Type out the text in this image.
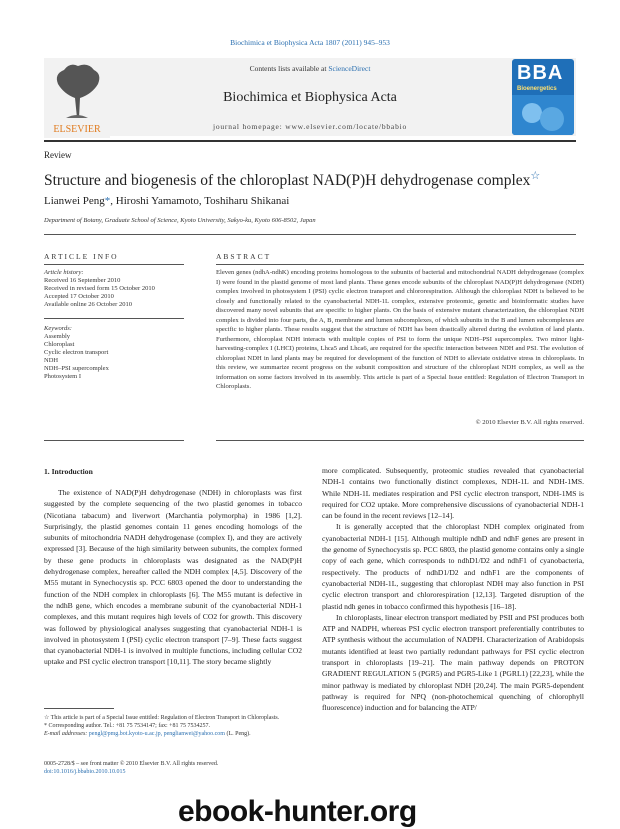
Biochimica et Biophysica Acta 1807 (2011) 945–953
ELSEVIER
Contents lists available at ScienceDirect
Biochimica et Biophysica Acta
journal homepage: www.elsevier.com/locate/bbabio
BBA
Bioenergetics
Review
Structure and biogenesis of the chloroplast NAD(P)H dehydrogenase complex☆
Lianwei Peng*, Hiroshi Yamamoto, Toshiharu Shikanai
Department of Botany, Graduate School of Science, Kyoto University, Sakyo-ku, Kyoto 606-8502, Japan
ARTICLE INFO
Article history:
Received 16 September 2010
Received in revised form 15 October 2010
Accepted 17 October 2010
Available online 26 October 2010
Keywords:
Assembly
Chloroplast
Cyclic electron transport
NDH
NDH–PSI supercomplex
Photosystem I
ABSTRACT
Eleven genes (ndhA-ndhK) encoding proteins homologous to the subunits of bacterial and mitochondrial NADH dehydrogenase (complex I) were found in the plastid genome of most land plants. These genes encode subunits of the chloroplast NAD(P)H dehydrogenase (NDH) complex involved in photosystem I (PSI) cyclic electron transport and chlororespiration. Although the chloroplast NDH is believed to be closely and functionally related to the cyanobacterial NDH-1L complex, extensive proteomic, genetic and bioinformatic studies have discovered many novel subunits that are specific to higher plants. On the basis of extensive mutant characterization, the chloroplast NDH complex is divided into four parts, the A, B, membrane and lumen subcomplexes, of which subunits in the B and lumen subcomplexes are specific to higher plants. These results suggest that the structure of NDH has been drastically altered during the evolution of land plants. Furthermore, chloroplast NDH interacts with multiple copies of PSI to form the unique NDH–PSI supercomplex. Two minor light-harvesting-complex I (LHCI) proteins, Lhca5 and Lhca6, are required for the specific interaction between NDH and PSI. The evolution of chloroplast NDH in land plants may be required for development of the function of NDH to alleviate oxidative stress in chloroplasts. In this review, we summarize recent progress on the subunit composition and structure of the chloroplast NDH complex, as well as the information on some factors involved in its assembly. This article is part of a Special Issue entitled: Regulation of Electron Transport in Chloroplasts.
© 2010 Elsevier B.V. All rights reserved.
1. Introduction

The existence of NAD(P)H dehydrogenase (NDH) in chloroplasts was first suggested by the complete sequencing of the two plastid genomes in tobacco (Nicotiana tabacum) and liverwort (Marchantia polymorpha) in 1986 [1,2]. Surprisingly, the plastid genomes contain 11 genes encoding homologs of the subunits of mitochondria NADH dehydrogenase (complex I), and they are actively expressed [3]. Because of the high similarity between subunits, the complex formed by these gene products in chloroplasts was designated as the NAD(P)H dehydrogenase complex, hereafter called the NDH complex [4,5]. Discovery of the M55 mutant in Synechocystis sp. PCC 6803 opened the door to understanding the function of the NDH complex in chloroplasts [6]. The M55 mutant is defective in the ndhB gene, which encodes a membrane subunit of the cyanobacterial NDH-1 complexes, and this mutant requires high levels of CO2 for growth. This discovery was followed by physiological analyses suggesting that cyanobacterial NDH-1 is involved in photosystem I (PSI) cyclic electron transport [7–9]. These facts suggest that cyanobacterial NDH-1 is involved in multiple functions, including cellular CO2 uptake and PSI cyclic electron transport [10,11]. The story became slightly

more complicated. Subsequently, proteomic studies revealed that cyanobacterial NDH-1 contains two functionally distinct complexes, NDH-1L and NDH-1MS. While NDH-1L mediates respiration and PSI cyclic electron transport, NDH-1MS is required for CO2 uptake. More comprehensive discussions of cyanobacterial NDH-1 can be found in the recent reviews [12–14].

It is generally accepted that the chloroplast NDH complex originated from cyanobacterial NDH-1 [15]. Although multiple ndhD and ndhF genes are present in the genome of Synechocystis sp. PCC 6803, the plastid genome contains only a single copy of each gene, which corresponds to ndhD1/D2 and ndhF1 of cyanobacteria, respectively. The products of ndhD1/D2 and ndhF1 are the components of cyanobacterial NDH-1L, suggesting that chloroplast NDH may also function in PSI cyclic electron transport and chlororespiration [12,13]. Targeted disruption of the plastid ndh genes in tobacco confirmed this hypothesis [16–18].

In chloroplasts, linear electron transport mediated by PSII and PSI produces both ATP and NADPH, whereas PSI cyclic electron transport preferentially contributes to ATP synthesis without the accumulation of NADPH. Characterization of Arabidopsis mutants identified at least two partially redundant pathways for PSI cyclic electron transport in chloroplasts [19–21]. The main pathway depends on PROTON GRADIENT REGULATION 5 (PGR5) and PGR5-Like 1 (PGRL1) [22,23], while the minor pathway is mediated by chloroplast NDH [20,24]. The main PGR5-dependent pathway is required for NPQ (non-photochemical quenching of chlorophyll fluorescence) induction and for balancing the ATP/

☆ This article is part of a Special Issue entitled: Regulation of Electron Transport in Chloroplasts.
* Corresponding author. Tel.: +81 75 7534147; fax: +81 75 7534257.
E-mail addresses: pengl@pmg.bot.kyoto-u.ac.jp, penglianwei@yahoo.com (L. Peng).
0005-2728/$ – see front matter © 2010 Elsevier B.V. All rights reserved.
doi:10.1016/j.bbabio.2010.10.015
ebook-hunter.org
